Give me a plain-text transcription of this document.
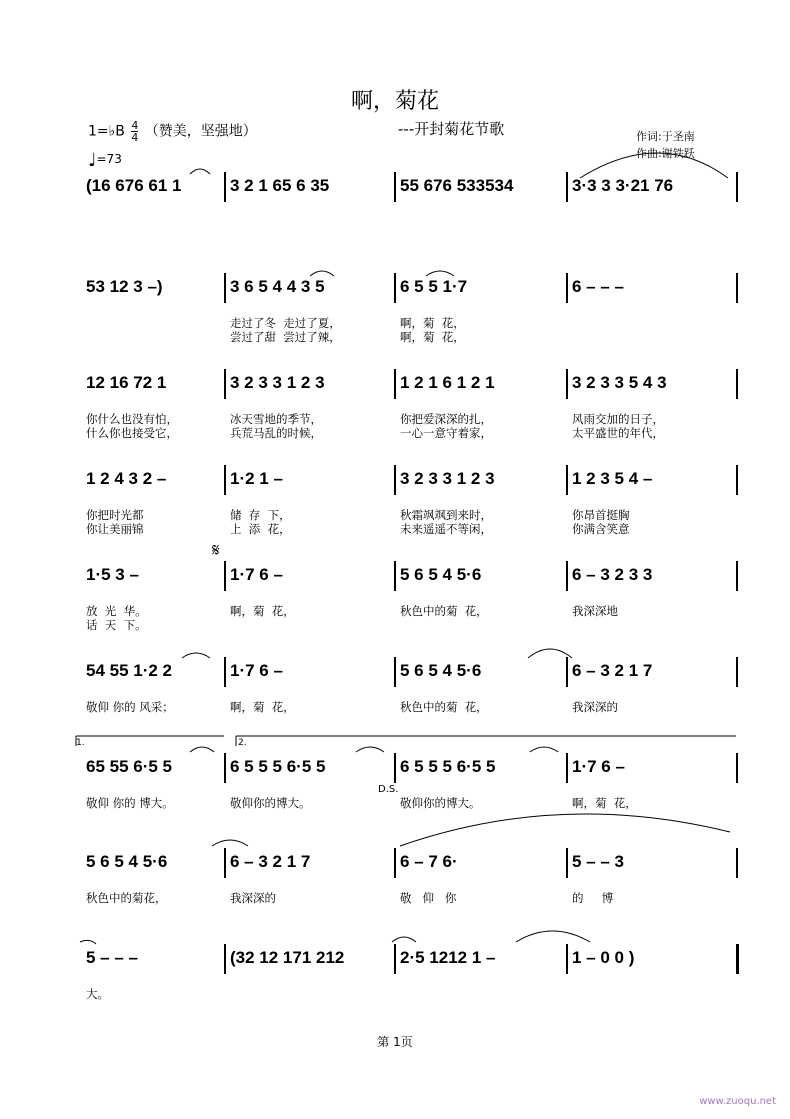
啊，菊花
---开封菊花节歌
1=♭B $\frac{4}{4}$ （赞美，坚强地）
♩=73
作词:于圣南
作曲:谢铁跃
(16 676 61 1	3 2 1 65 6 35	55 676 533534	3·3 3 3·21 76
53 12 3 –)	3 6 5 4 4 3 5
走过了冬  走过了夏，
尝过了甜  尝过了辣，
6 5 5 1·7
啊，菊  花，
啊，菊  花，
6 – – –
12 16 72 1
你什么也没有怕，
什么你也接受它，
3 2 3 3 1 2 3
冰天雪地的季节，
兵荒马乱的时候，
1 2 1 6 1 2 1
你把爱深深的扎，
一心一意守着家，
3 2 3 3 5 4 3
风雨交加的日子，
太平盛世的年代，
1 2 4 3 2 –
你把时光都
你让美丽锦
1·2 1 –
储  存  下，
上  添  花，
3 2 3 3 1 2 3
秋霜飒飒到来时，
未来遥遥不等闲，
1 2 3 5 4 –
你昂首挺胸
你满含笑意
1·5 3 –
放  光  华。
话  天  下。
1·7 6 –
啊，菊  花，
5 6 5 4 5·6
秋色中的菊  花，
6 – 3 2 3 3
我深深地
54 55 1·2 2
敬仰 你的 风采；
1·7 6 –
啊，菊  花，
5 6 5 4 5·6
秋色中的菊  花，
6 – 3 2 1 7
我深深的
65 55 6·5 5
敬仰 你的 博大。
6 5 5 5 6·5 5
敬仰你的博大。
6 5 5 5 6·5 5
敬仰你的博大。
1·7 6 –
啊，菊  花，
5 6 5 4 5·6
秋色中的菊花，
6 – 3 2 1 7
我深深的
6 – 7 6·
敬   仰   你
5 – – 3
的     博
5 – – –
大。
(32 12 171 212	2·5 1212 1 –	1 – 0 0 )
1.	2.
𝄋
D.S.
第 1页
www.zuoqu.net
